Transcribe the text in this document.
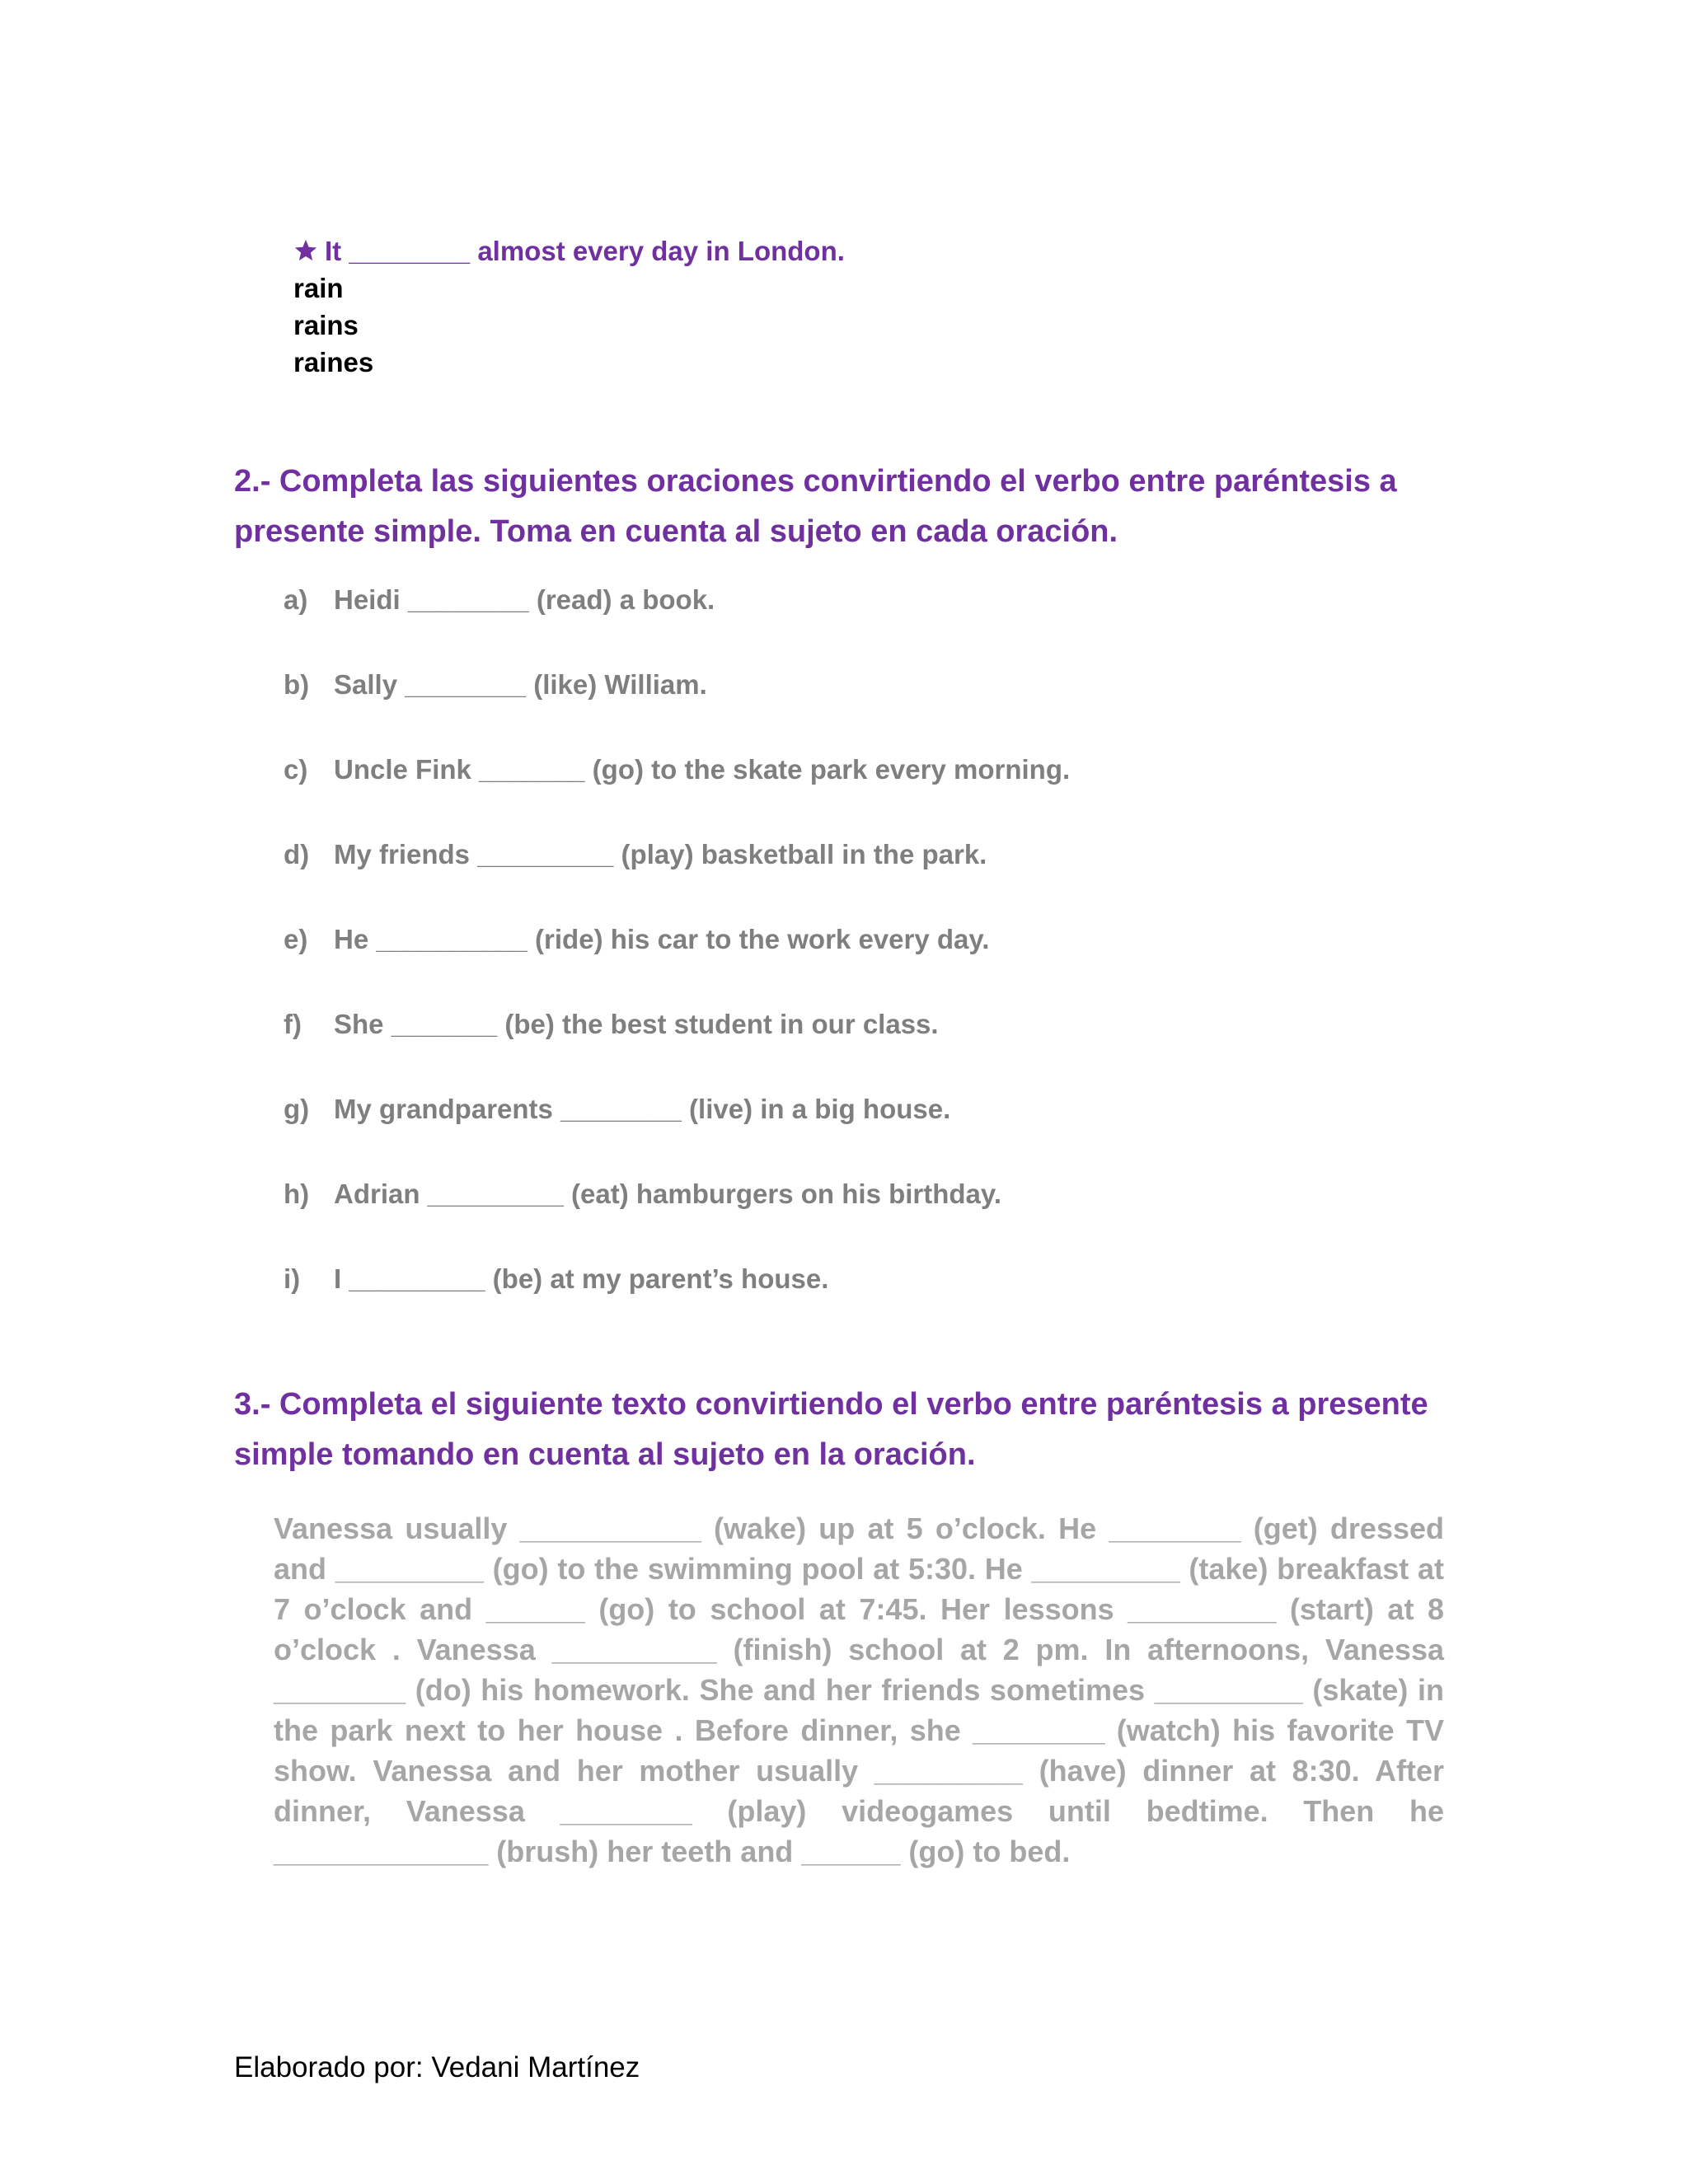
It ________ almost every day in London.
rain
rains
raines
2.- Completa las siguientes oraciones convirtiendo el verbo entre paréntesis a
presente simple. Toma en cuenta al sujeto en cada oración.
a) Heidi ________ (read) a book.
b) Sally ________ (like) William.
c) Uncle Fink _______ (go) to the skate park every morning.
d) My friends _________ (play) basketball in the park.
e) He __________ (ride) his car to the work every day.
f) She _______ (be) the best student in our class.
g) My grandparents ________ (live) in a big house.
h) Adrian _________ (eat) hamburgers on his birthday.
i) I _________ (be) at my parent’s house.
3.- Completa el siguiente texto convirtiendo el verbo entre paréntesis a presente
simple tomando en cuenta al sujeto en la oración.
Vanessa usually ___________ (wake) up at 5 o’clock. He ________ (get) dressed and _________ (go) to the swimming pool at 5:30. He _________ (take) breakfast at 7 o’clock and ______ (go) to school at 7:45. Her lessons _________ (start) at 8 o’clock . Vanessa __________ (finish) school at 2 pm. In afternoons, Vanessa ________ (do) his homework. She and her friends sometimes _________ (skate) in the park next to her house . Before dinner, she ________ (watch) his favorite TV show. Vanessa and her mother usually _________ (have) dinner at 8:30. After dinner, Vanessa ________ (play) videogames until bedtime. Then he _____________ (brush) her teeth and ______ (go) to bed.
Elaborado por: Vedani Martínez
